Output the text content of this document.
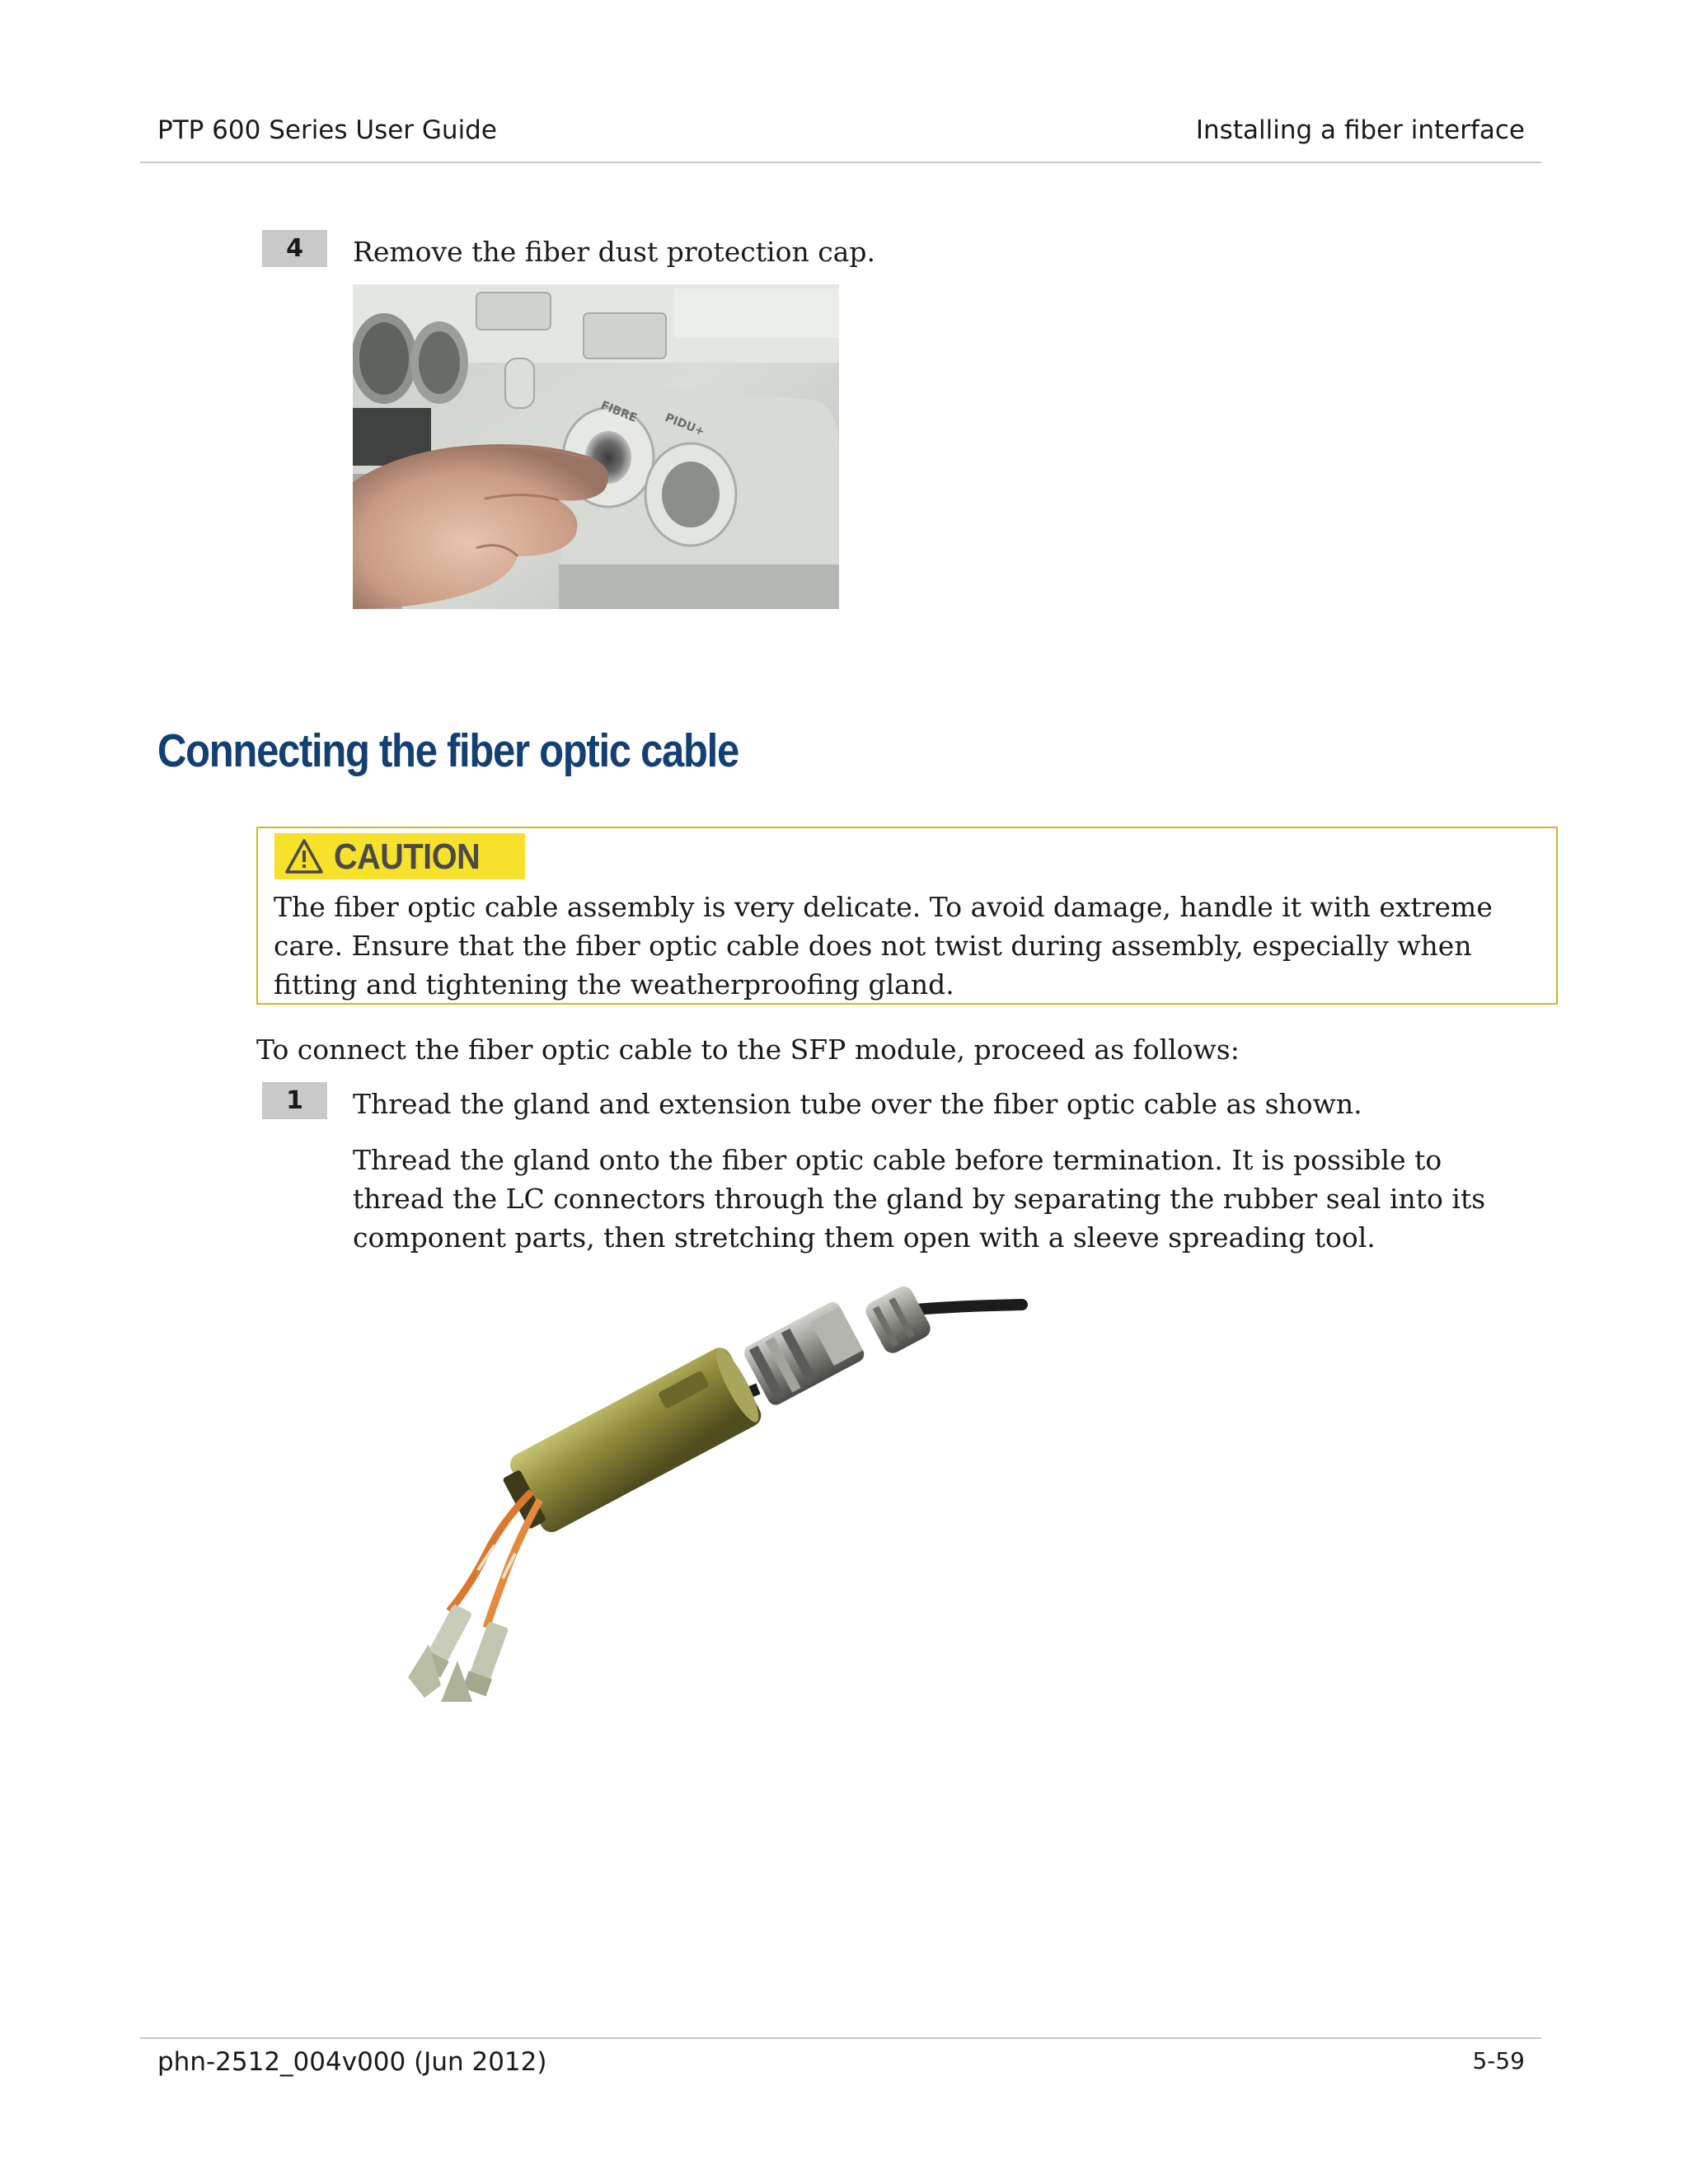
PTP 600 Series User Guide	Installing a fiber interface
4	Remove the fiber dust protection cap.
FIBRE PIDU+
Connecting the fiber optic cable
CAUTION
The fiber optic cable assembly is very delicate. To avoid damage, handle it with extreme
care. Ensure that the fiber optic cable does not twist during assembly, especially when
fitting and tightening the weatherproofing gland.
To connect the fiber optic cable to the SFP module, proceed as follows:
1	Thread the gland and extension tube over the fiber optic cable as shown.
Thread the gland onto the fiber optic cable before termination. It is possible to
thread the LC connectors through the gland by separating the rubber seal into its
component parts, then stretching them open with a sleeve spreading tool.
phn-2512_004v000 (Jun 2012)	5-59
